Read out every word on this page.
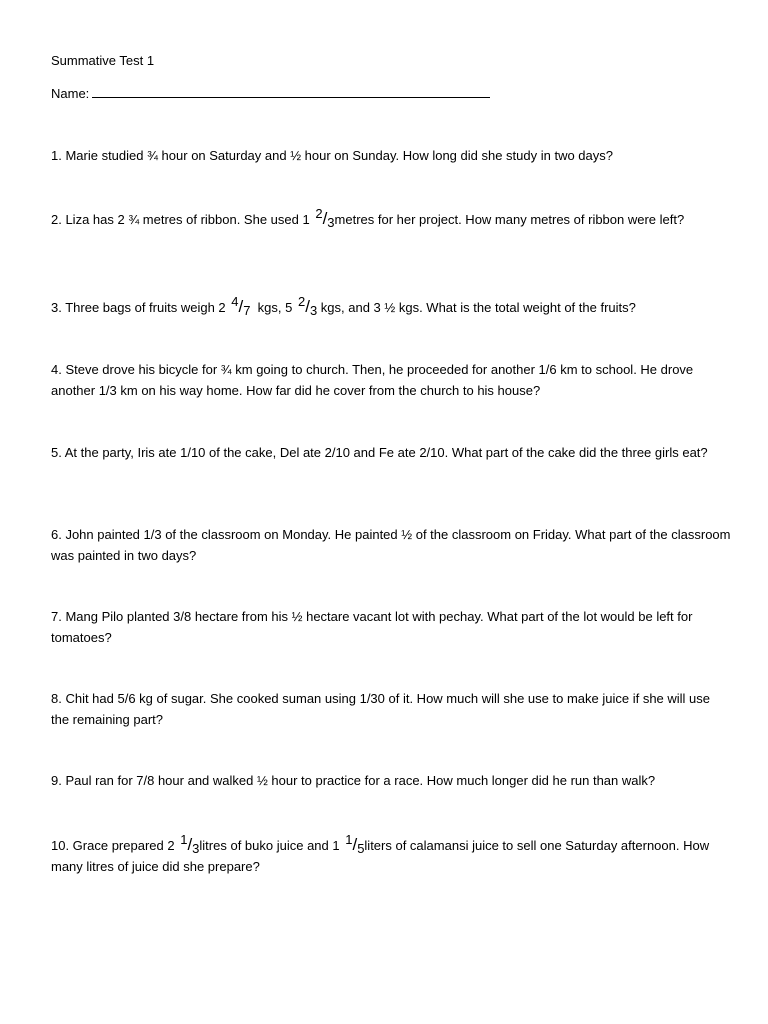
Summative Test 1
Name:
1. Marie studied ¾ hour on Saturday and ½ hour on Sunday. How long did she study in two days?
2. Liza has 2 ¾ metres of ribbon. She used 1 2/3metres for her project. How many metres of ribbon were left?
3. Three bags of fruits weigh 2 4/7  kgs, 5 2/3 kgs, and 3 ½ kgs. What is the total weight of the fruits?
4. Steve drove his bicycle for ¾ km going to church. Then, he proceeded for another 1/6 km to school. He drove another 1/3 km on his way home. How far did he cover from the church to his house?
5. At the party, Iris ate 1/10 of the cake, Del ate 2/10 and Fe ate 2/10. What part of the cake did the three girls eat?
6. John painted 1/3 of the classroom on Monday. He painted ½ of the classroom on Friday. What part of the classroom was painted in two days?
7. Mang Pilo planted 3/8 hectare from his ½ hectare vacant lot with pechay. What part of the lot would be left for tomatoes?
8. Chit had 5/6 kg of sugar. She cooked suman using 1/30 of it. How much will she use to make juice if she will use the remaining part?
9. Paul ran for 7/8 hour and walked ½ hour to practice for a race. How much longer did he run than walk?
10. Grace prepared 2 1/3litres of buko juice and 1 1/5liters of calamansi juice to sell one Saturday afternoon. How many litres of juice did she prepare?
